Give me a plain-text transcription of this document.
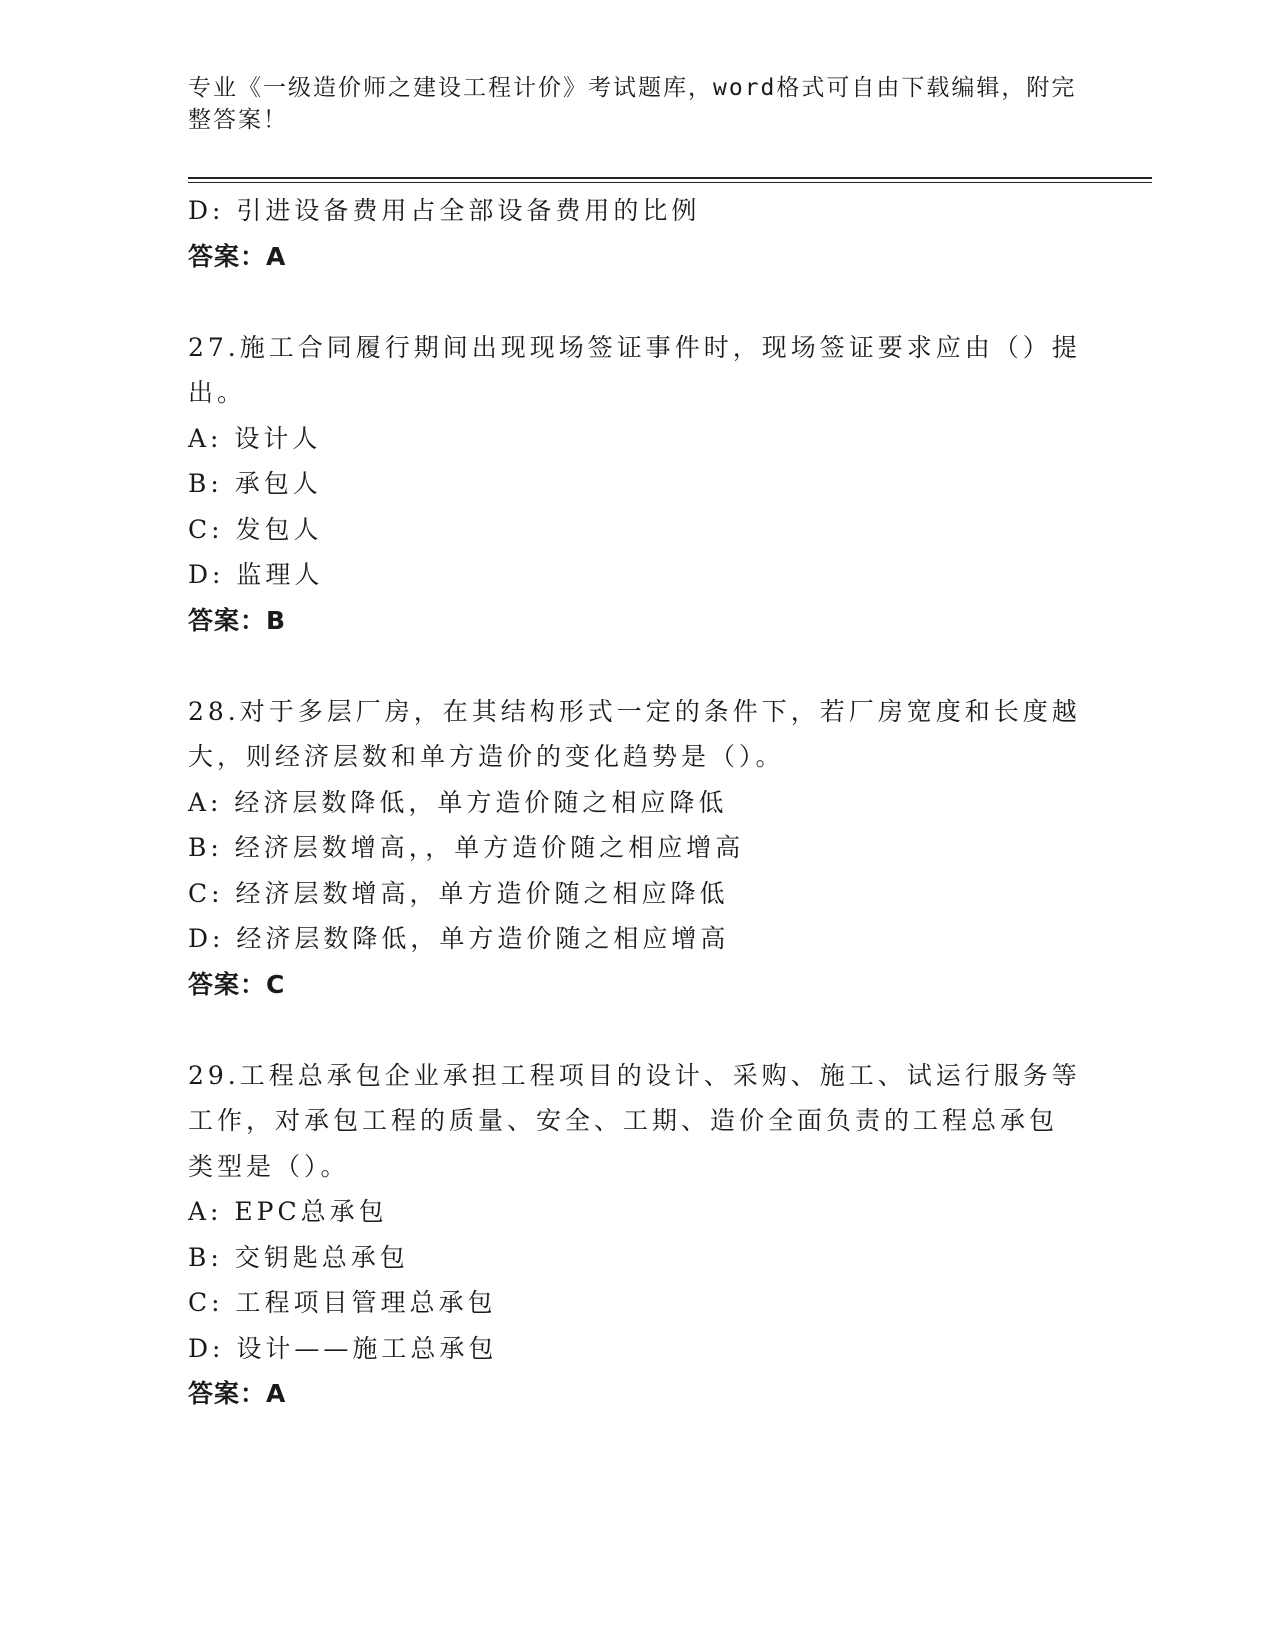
专业《一级造价师之建设工程计价》考试题库，word格式可自由下载编辑，附完整答案！
D: 引进设备费用占全部设备费用的比例
答案：A
27.施工合同履行期间出现现场签证事件时，现场签证要求应由（）提
出。
A: 设计人
B: 承包人
C: 发包人
D: 监理人
答案：B
28.对于多层厂房，在其结构形式一定的条件下，若厂房宽度和长度越
大，则经济层数和单方造价的变化趋势是（）。
A: 经济层数降低，单方造价随之相应降低
B: 经济层数增高，，单方造价随之相应增高
C: 经济层数增高，单方造价随之相应降低
D: 经济层数降低，单方造价随之相应增高
答案：C
29.工程总承包企业承担工程项目的设计、采购、施工、试运行服务等
工作，对承包工程的质量、安全、工期、造价全面负责的工程总承包
类型是（）。
A: EPC总承包
B: 交钥匙总承包
C: 工程项目管理总承包
D: 设计——施工总承包
答案：A
